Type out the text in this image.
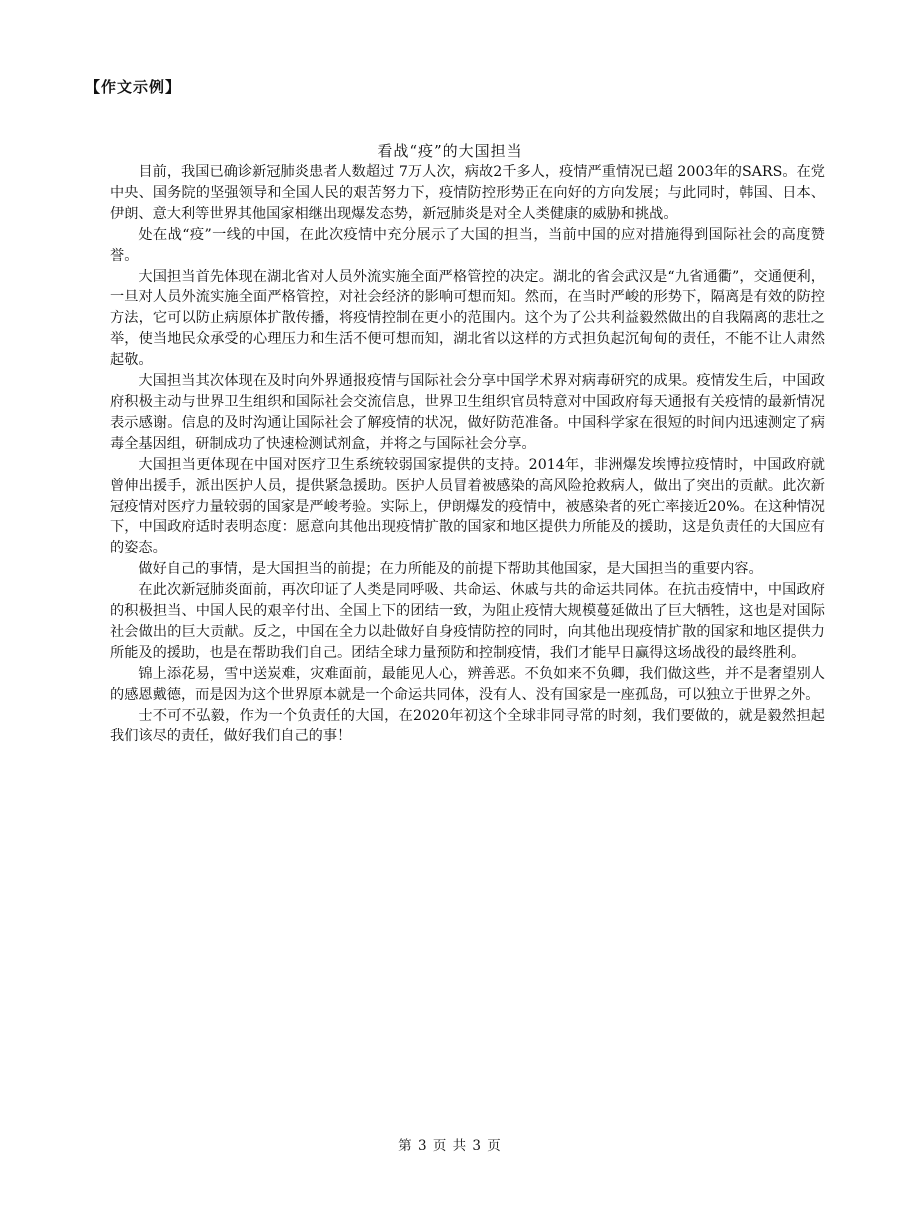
【作文示例】
看战“疫”的大国担当

目前，我国已确诊新冠肺炎患者人数超过 7万人次，病故2千多人，疫情严重情况已超 2003年的SARS。在党中央、国务院的坚强领导和全国人民的艰苦努力下，疫情防控形势正在向好的方向发展；与此同时，韩国、日本、伊朗、意大利等世界其他国家相继出现爆发态势，新冠肺炎是对全人类健康的威胁和挑战。

处在战“疫”一线的中国，在此次疫情中充分展示了大国的担当，当前中国的应对措施得到国际社会的高度赞誉。

大国担当首先体现在湖北省对人员外流实施全面严格管控的决定。湖北的省会武汉是“九省通衢”，交通便利，一旦对人员外流实施全面严格管控，对社会经济的影响可想而知。然而，在当时严峻的形势下，隔离是有效的防控方法，它可以防止病原体扩散传播，将疫情控制在更小的范围内。这个为了公共利益毅然做出的自我隔离的悲壮之举，使当地民众承受的心理压力和生活不便可想而知，湖北省以这样的方式担负起沉甸甸的责任，不能不让人肃然起敬。

大国担当其次体现在及时向外界通报疫情与国际社会分享中国学术界对病毒研究的成果。疫情发生后，中国政府积极主动与世界卫生组织和国际社会交流信息，世界卫生组织官员特意对中国政府每天通报有关疫情的最新情况表示感谢。信息的及时沟通让国际社会了解疫情的状况，做好防范准备。中国科学家在很短的时间内迅速测定了病毒全基因组，研制成功了快速检测试剂盒，并将之与国际社会分享。

大国担当更体现在中国对医疗卫生系统较弱国家提供的支持。2014年，非洲爆发埃博拉疫情时，中国政府就曾伸出援手，派出医护人员，提供紧急援助。医护人员冒着被感染的高风险抢救病人，做出了突出的贡献。此次新冠疫情对医疗力量较弱的国家是严峻考验。实际上，伊朗爆发的疫情中，被感染者的死亡率接近20%。在这种情况下，中国政府适时表明态度：愿意向其他出现疫情扩散的国家和地区提供力所能及的援助，这是负责任的大国应有的姿态。

做好自己的事情，是大国担当的前提；在力所能及的前提下帮助其他国家，是大国担当的重要内容。

在此次新冠肺炎面前，再次印证了人类是同呼吸、共命运、休戚与共的命运共同体。在抗击疫情中，中国政府的积极担当、中国人民的艰辛付出、全国上下的团结一致，为阻止疫情大规模蔓延做出了巨大牺牲，这也是对国际社会做出的巨大贡献。反之，中国在全力以赴做好自身疫情防控的同时，向其他出现疫情扩散的国家和地区提供力所能及的援助，也是在帮助我们自己。团结全球力量预防和控制疫情，我们才能早日赢得这场战役的最终胜利。

锦上添花易，雪中送炭难，灾难面前，最能见人心，辨善恶。不负如来不负卿，我们做这些，并不是奢望别人的感恩戴德，而是因为这个世界原本就是一个命运共同体，没有人、没有国家是一座孤岛，可以独立于世界之外。

士不可不弘毅，作为一个负责任的大国，在2020年初这个全球非同寻常的时刻，我们要做的，就是毅然担起我们该尽的责任，做好我们自己的事！

第 3 页 共 3 页
